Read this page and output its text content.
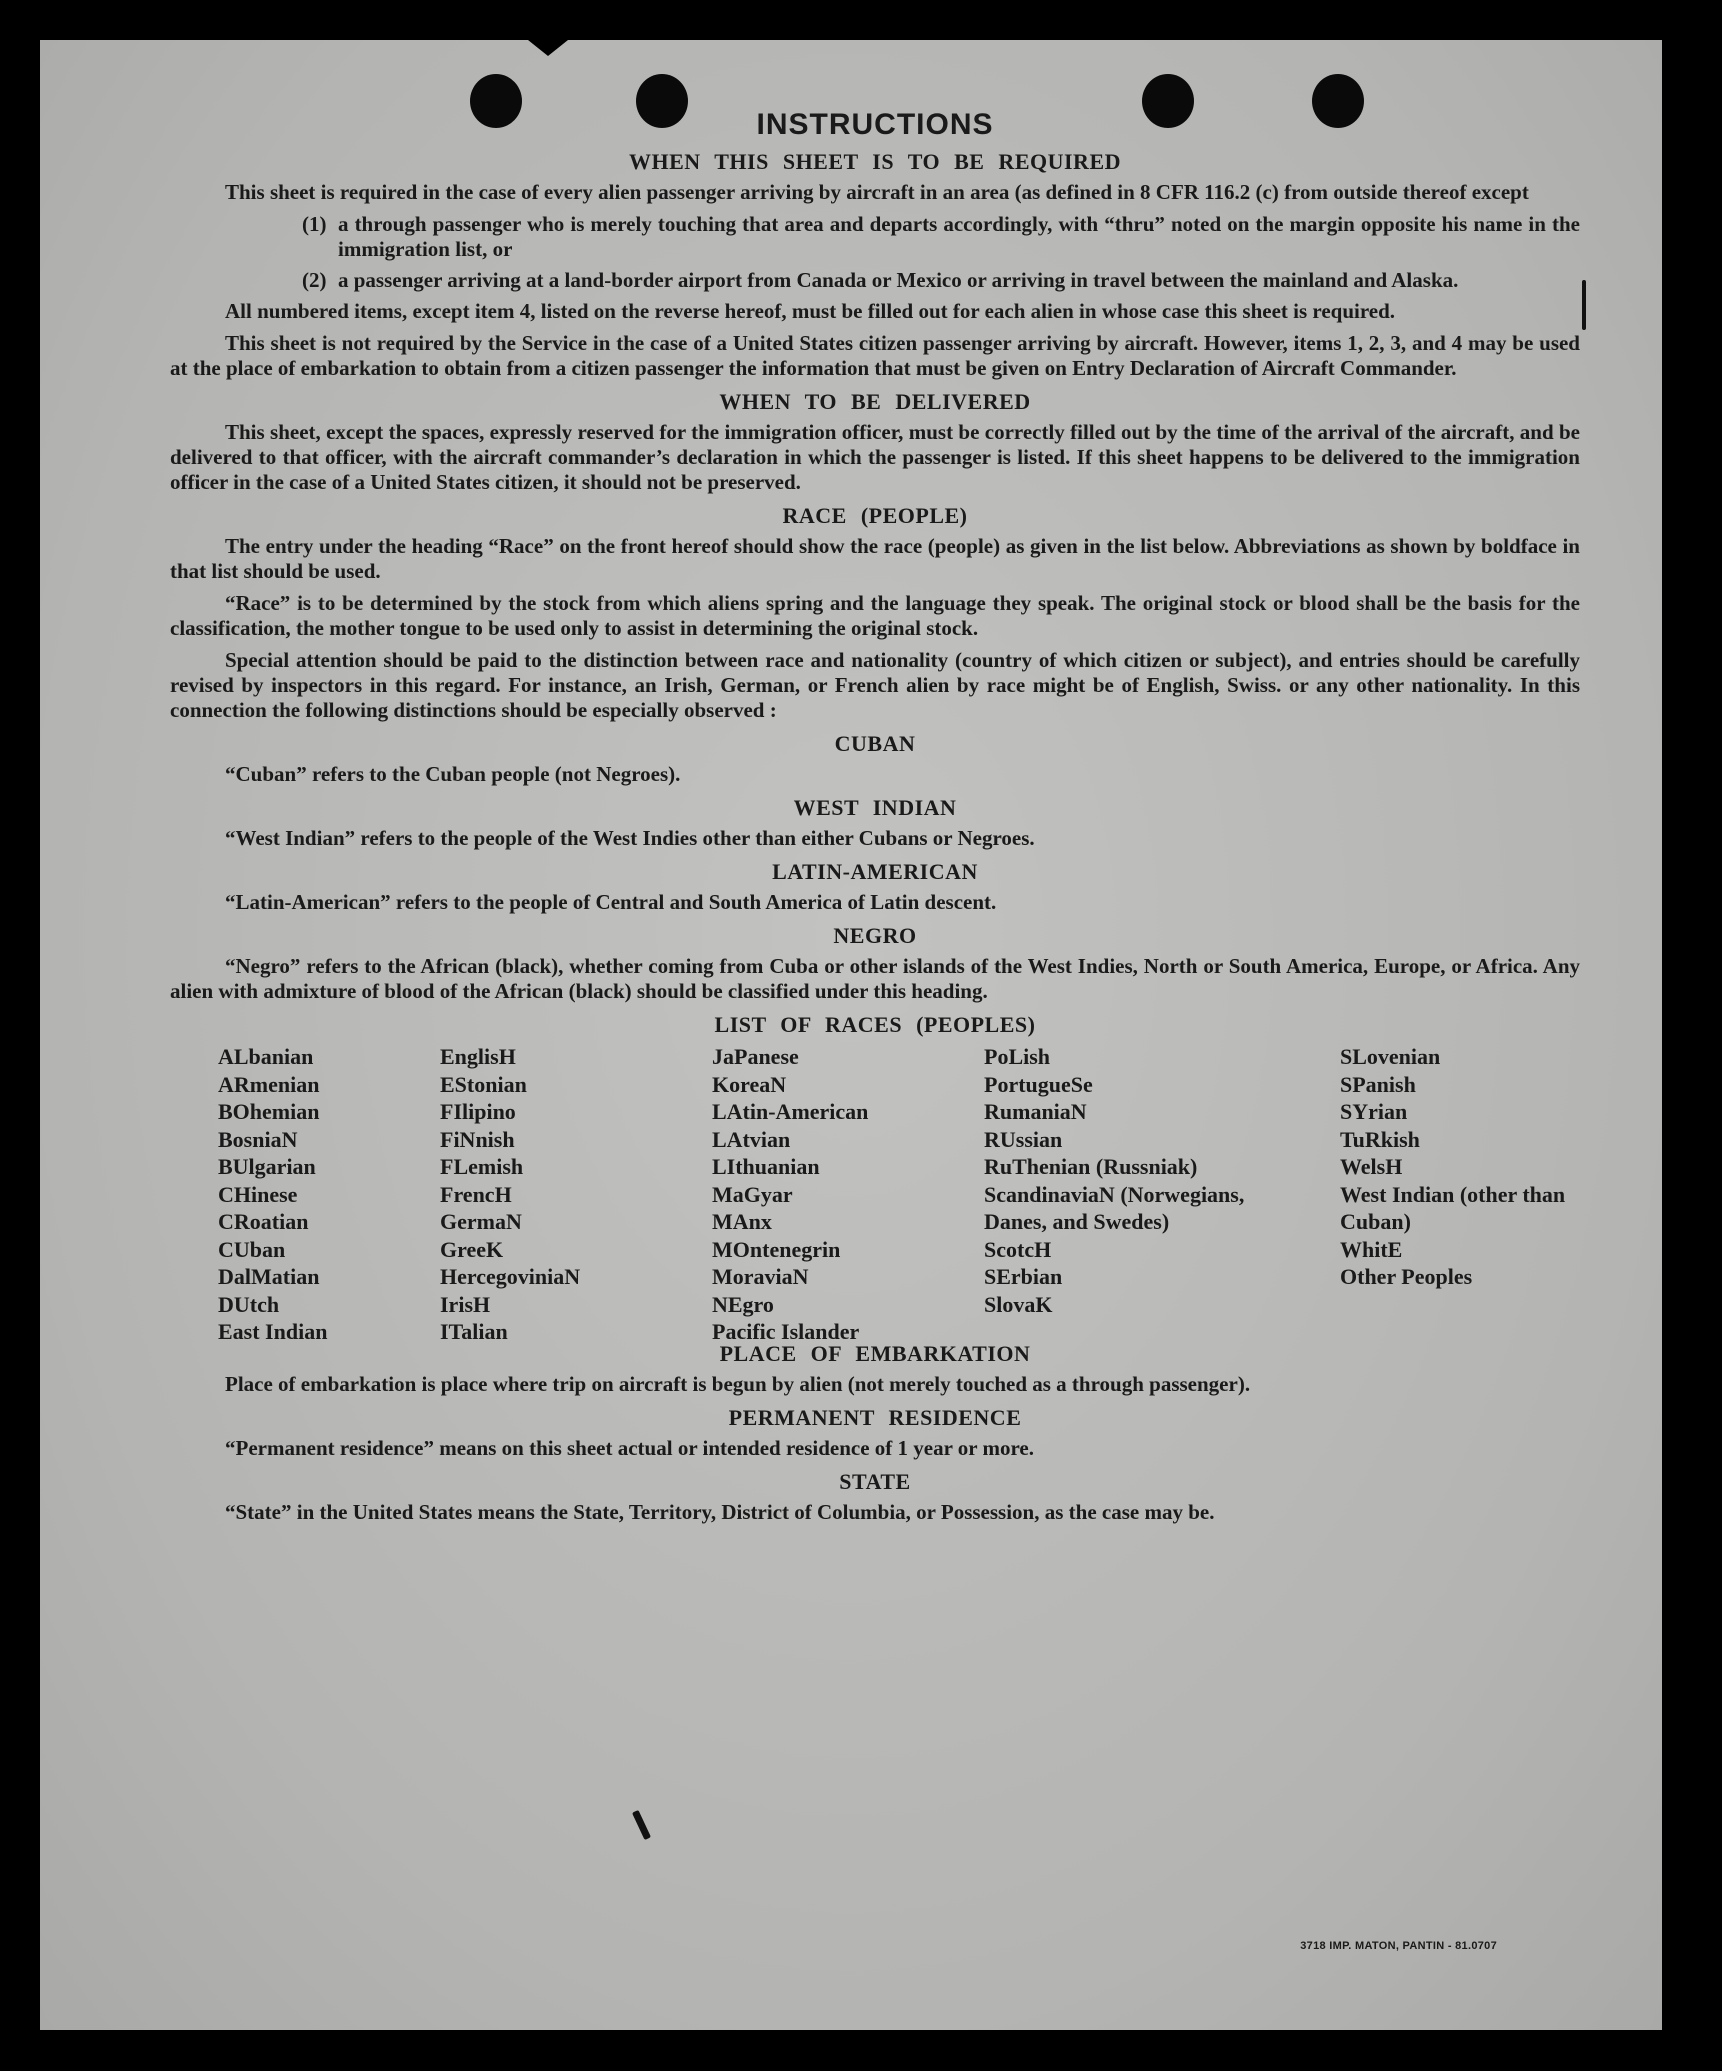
INSTRUCTIONS
WHEN THIS SHEET IS TO BE REQUIRED

This sheet is required in the case of every alien passenger arriving by aircraft in an area (as defined in 8 CFR 116.2 (c) from outside thereof except

(1) a through passenger who is merely touching that area and departs accordingly, with “thru” noted on the margin opposite his name in the immigration list, or
(2) a passenger arriving at a land-border airport from Canada or Mexico or arriving in travel between the mainland and Alaska.

All numbered items, except item 4, listed on the reverse hereof, must be filled out for each alien in whose case this sheet is required.

This sheet is not required by the Service in the case of a United States citizen passenger arriving by aircraft. However, items 1, 2, 3, and 4 may be used at the place of embarkation to obtain from a citizen passenger the information that must be given on Entry Declaration of Aircraft Commander.

WHEN TO BE DELIVERED

This sheet, except the spaces, expressly reserved for the immigration officer, must be correctly filled out by the time of the arrival of the aircraft, and be delivered to that officer, with the aircraft commander’s declaration in which the passenger is listed. If this sheet happens to be delivered to the immigration officer in the case of a United States citizen, it should not be preserved.

RACE (PEOPLE)

The entry under the heading “Race” on the front hereof should show the race (people) as given in the list below. Abbreviations as shown by boldface in that list should be used.

“Race” is to be determined by the stock from which aliens spring and the language they speak. The original stock or blood shall be the basis for the classification, the mother tongue to be used only to assist in determining the original stock.

Special attention should be paid to the distinction between race and nationality (country of which citizen or subject), and entries should be carefully revised by inspectors in this regard. For instance, an Irish, German, or French alien by race might be of English, Swiss. or any other nationality. In this connection the following distinctions should be especially observed :

CUBAN

“Cuban” refers to the Cuban people (not Negroes).

WEST INDIAN

“West Indian” refers to the people of the West Indies other than either Cubans or Negroes.

LATIN-AMERICAN

“Latin-American” refers to the people of Central and South America of Latin descent.

NEGRO

“Negro” refers to the African (black), whether coming from Cuba or other islands of the West Indies, North or South America, Europe, or Africa. Any alien with admixture of blood of the African (black) should be classified under this heading.

LIST OF RACES (PEOPLES)
ALbanian
ARmenian
BOhemian
BosniaN
BUlgarian
CHinese
CRoatian
CUban
DalMatian
DUtch
East Indian
EnglisH
EStonian
FIlipino
FiNnish
FLemish
FrencH
GermaN
GreeK
HercegoviniaN
IrisH
ITalian
JaPanese
KoreaN
LAtin-American
LAtvian
LIthuanian
MaGyar
MAnx
MOntenegrin
MoraviaN
NEgro
Pacific Islander
PoLish
PortugueSe
RumaniaN
RUssian
RuThenian (Russniak)
ScandinaviaN (Norwegians, Danes, and Swedes)
ScotcH
SErbian
SlovaK
SLovenian
SPanish
SYrian
TuRkish
WelsH
West Indian (other than Cuban)
WhitE
Other Peoples
PLACE OF EMBARKATION

Place of embarkation is place where trip on aircraft is begun by alien (not merely touched as a through passenger).

PERMANENT RESIDENCE

“Permanent residence” means on this sheet actual or intended residence of 1 year or more.

STATE

“State” in the United States means the State, Territory, District of Columbia, or Possession, as the case may be.

3718 IMP. MATON, PANTIN - 81.0707
